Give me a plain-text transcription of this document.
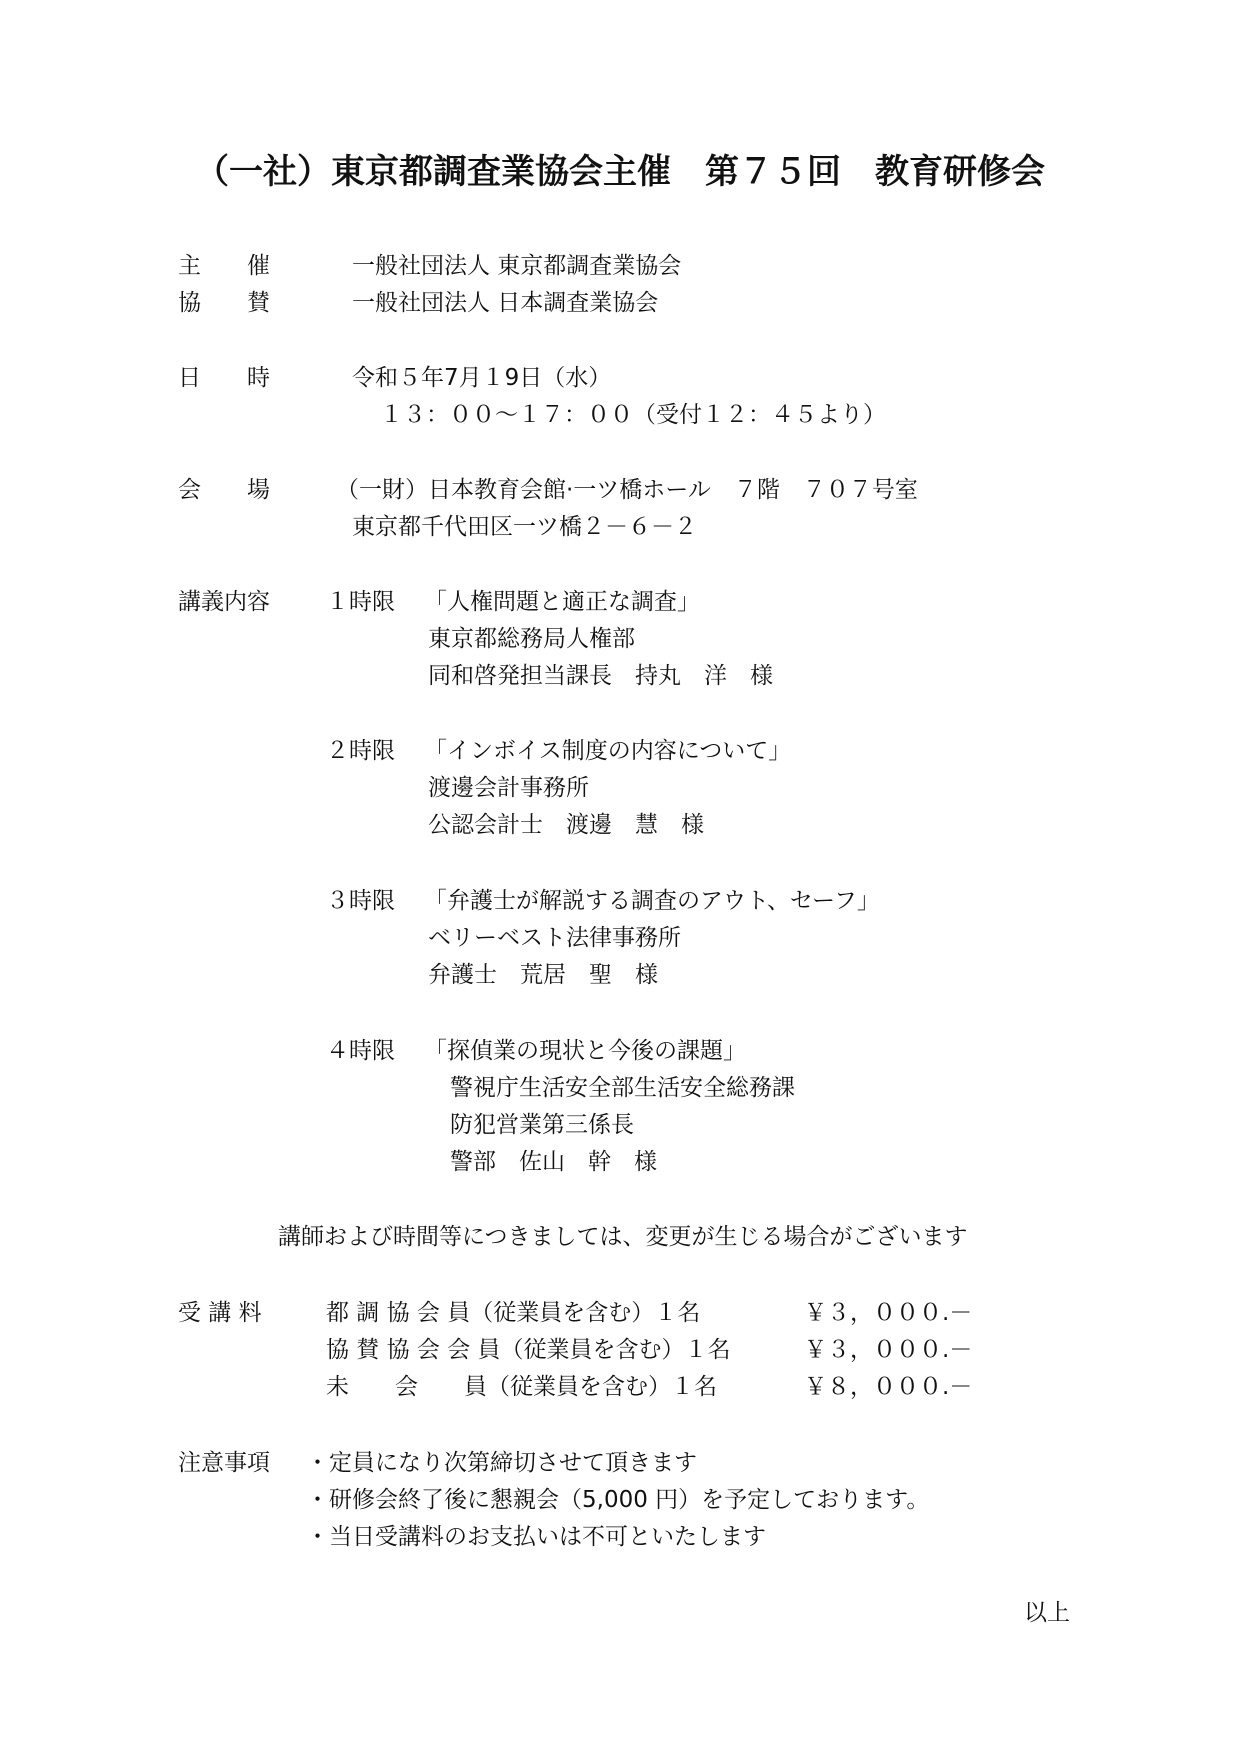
（一社）東京都調査業協会主催　第７５回　教育研修会
主　　催	一般社団法人 東京都調査業協会
協　　賛	一般社団法人 日本調査業協会
日　　時	令和５年7月１9日（水）
１３：００～１７：００（受付１２：４５より）
会　　場	（一財）日本教育会館·一ツ橋ホール　７階　７０７号室
東京都千代田区一ツ橋２－６－２
講義内容 １時限 「人権問題と適正な調査」
東京都総務局人権部
同和啓発担当課長　持丸　洋　様
２時限 「インボイス制度の内容について」
渡邊会計事務所
公認会計士　渡邊　慧　様
３時限 「弁護士が解説する調査のアウト、セーフ」
ベリーベスト法律事務所
弁護士　荒居　聖　様
４時限 「探偵業の現状と今後の課題」
警視庁生活安全部生活安全総務課
防犯営業第三係長
警部　佐山　幹　様
講師および時間等につきましては、変更が生じる場合がございます
受 講 料	都 調 協 会 員（従業員を含む）１名	￥３，０００.－
協 賛 協 会 会 員（従業員を含む）１名	￥３，０００.－
未　　会　　員（従業員を含む）１名	￥８，０００.－
注意事項 ・定員になり次第締切させて頂きます
・研修会終了後に懇親会（5,000 円）を予定しております。
・当日受講料のお支払いは不可といたします
以上
